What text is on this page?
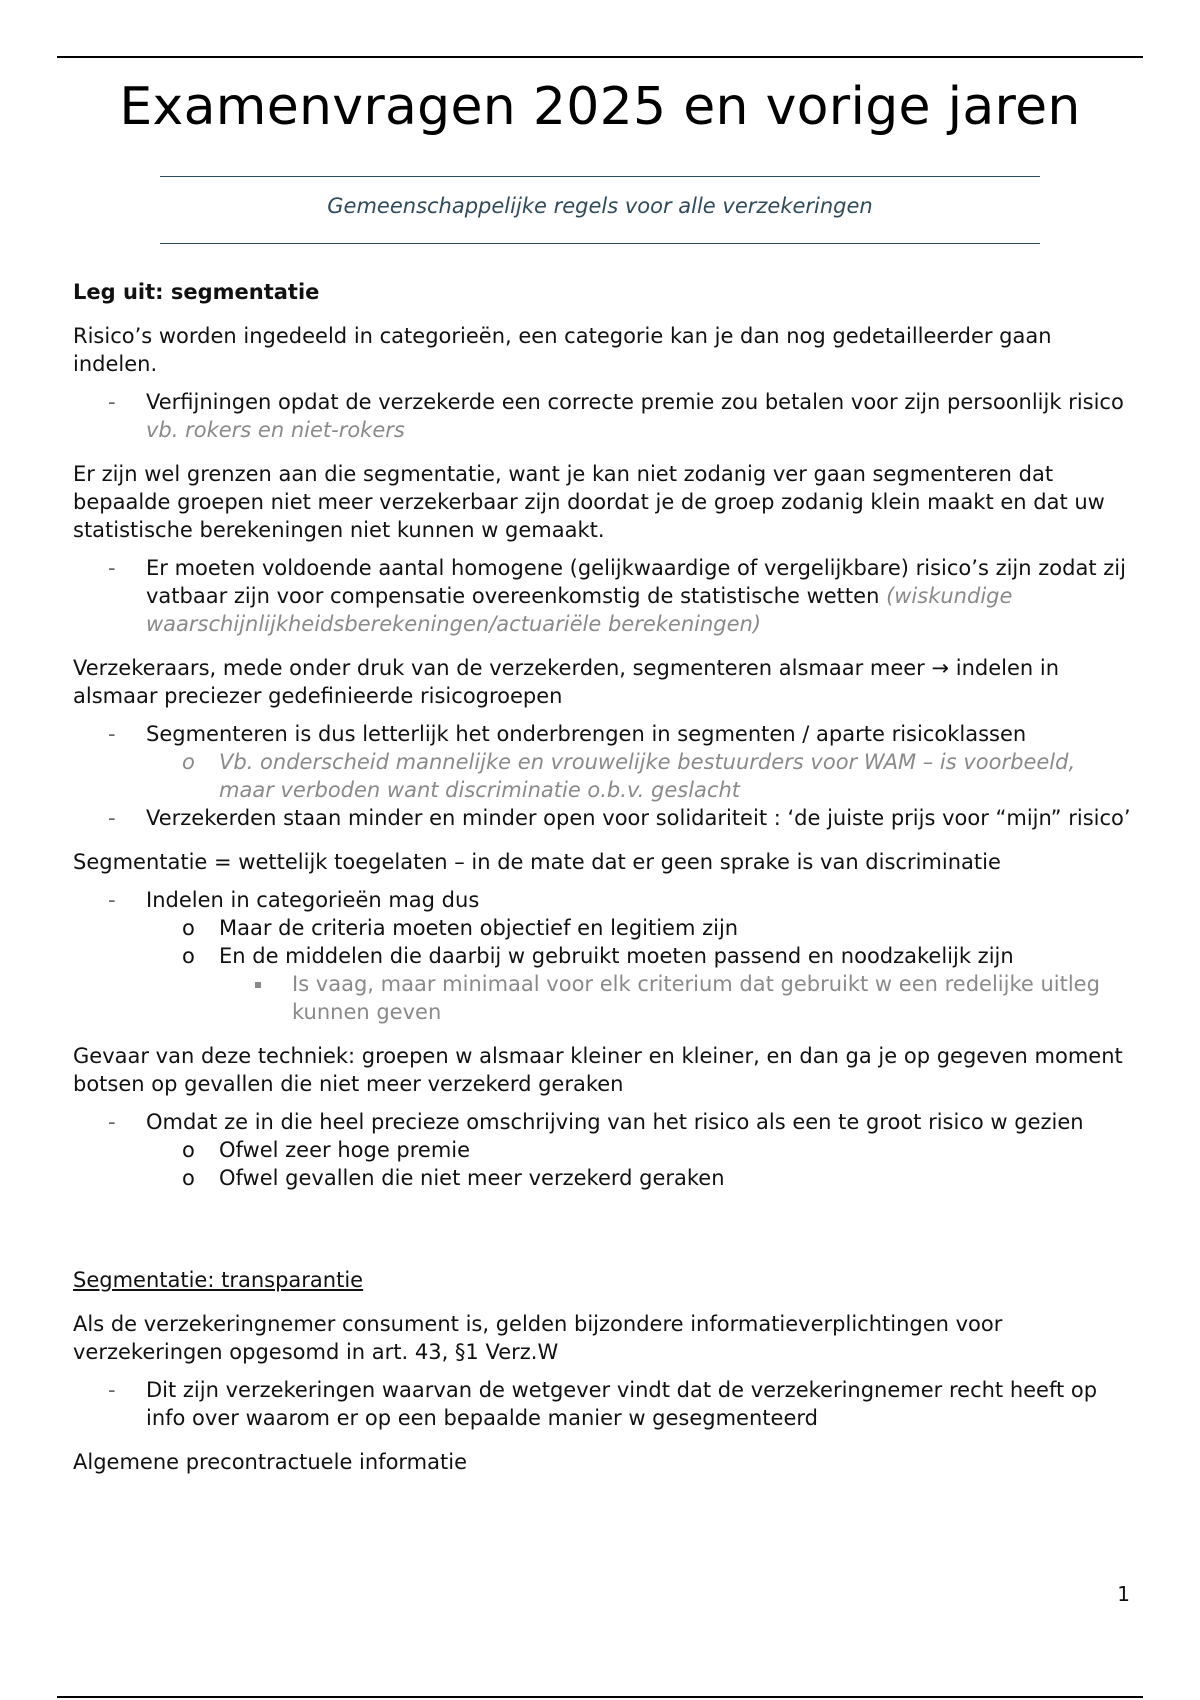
Examenvragen 2025 en vorige jaren
Gemeenschappelijke regels voor alle verzekeringen

Leg uit: segmentatie

Risico’s worden ingedeeld in categorieën, een categorie kan je dan nog gedetailleerder gaan indelen.

- Verfijningen opdat de verzekerde een correcte premie zou betalen voor zijn persoonlijk risico vb. rokers en niet-rokers

Er zijn wel grenzen aan die segmentatie, want je kan niet zodanig ver gaan segmenteren dat bepaalde groepen niet meer verzekerbaar zijn doordat je de groep zodanig klein maakt en dat uw statistische berekeningen niet kunnen w gemaakt.

- Er moeten voldoende aantal homogene (gelijkwaardige of vergelijkbare) risico’s zijn zodat zij vatbaar zijn voor compensatie overeenkomstig de statistische wetten (wiskundige waarschijnlijkheidsberekeningen/actuariële berekeningen)

Verzekeraars, mede onder druk van de verzekerden, segmenteren alsmaar meer → indelen in alsmaar preciezer gedefinieerde risicogroepen

- Segmenteren is dus letterlijk het onderbrengen in segmenten / aparte risicoklassen
o Vb. onderscheid mannelijke en vrouwelijke bestuurders voor WAM – is voorbeeld, maar verboden want discriminatie o.b.v. geslacht
- Verzekerden staan minder en minder open voor solidariteit : ‘de juiste prijs voor “mijn” risico’

Segmentatie = wettelijk toegelaten – in de mate dat er geen sprake is van discriminatie

- Indelen in categorieën mag dus
o Maar de criteria moeten objectief en legitiem zijn
o En de middelen die daarbij w gebruikt moeten passend en noodzakelijk zijn
Is vaag, maar minimaal voor elk criterium dat gebruikt w een redelijke uitleg kunnen geven

Gevaar van deze techniek: groepen w alsmaar kleiner en kleiner, en dan ga je op gegeven moment botsen op gevallen die niet meer verzekerd geraken

- Omdat ze in die heel precieze omschrijving van het risico als een te groot risico w gezien
o Ofwel zeer hoge premie
o Ofwel gevallen die niet meer verzekerd geraken

Segmentatie: transparantie

Als de verzekeringnemer consument is, gelden bijzondere informatieverplichtingen voor verzekeringen opgesomd in art. 43, §1 Verz.W

- Dit zijn verzekeringen waarvan de wetgever vindt dat de verzekeringnemer recht heeft op info over waarom er op een bepaalde manier w gesegmenteerd

Algemene precontractuele informatie

1
